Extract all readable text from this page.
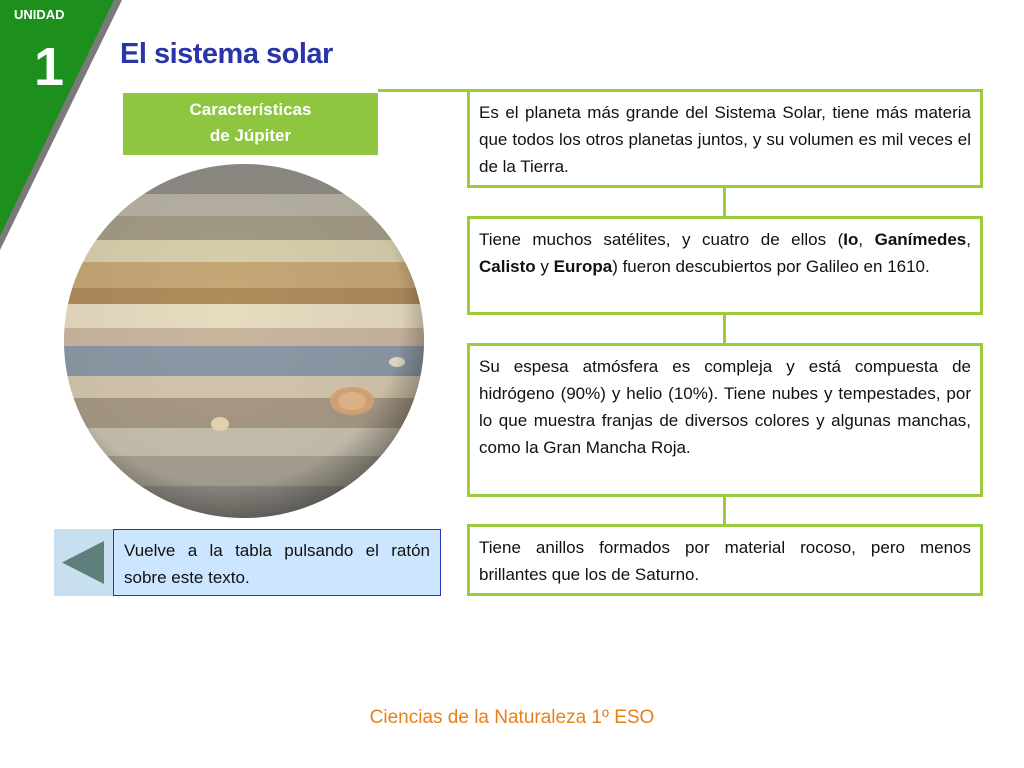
UNIDAD
1 El sistema solar
Características
de Júpiter
Es el planeta más grande del Sistema Solar, tiene más materia que todos los otros planetas juntos, y su volumen es mil veces el de la Tierra.
Tiene muchos satélites, y cuatro de ellos (Io, Ganímedes, Calisto y Europa) fueron descubiertos por Galileo en 1610.
Su espesa atmósfera es compleja y está compuesta de hidrógeno (90%) y helio (10%). Tiene nubes y tempestades, por lo que muestra franjas de diversos colores y algunas manchas, como la Gran Mancha Roja.
Tiene anillos formados por material rocoso, pero menos brillantes que los de Saturno.
Vuelve a la tabla pulsando el ratón sobre este texto.
Ciencias de la Naturaleza 1º ESO
